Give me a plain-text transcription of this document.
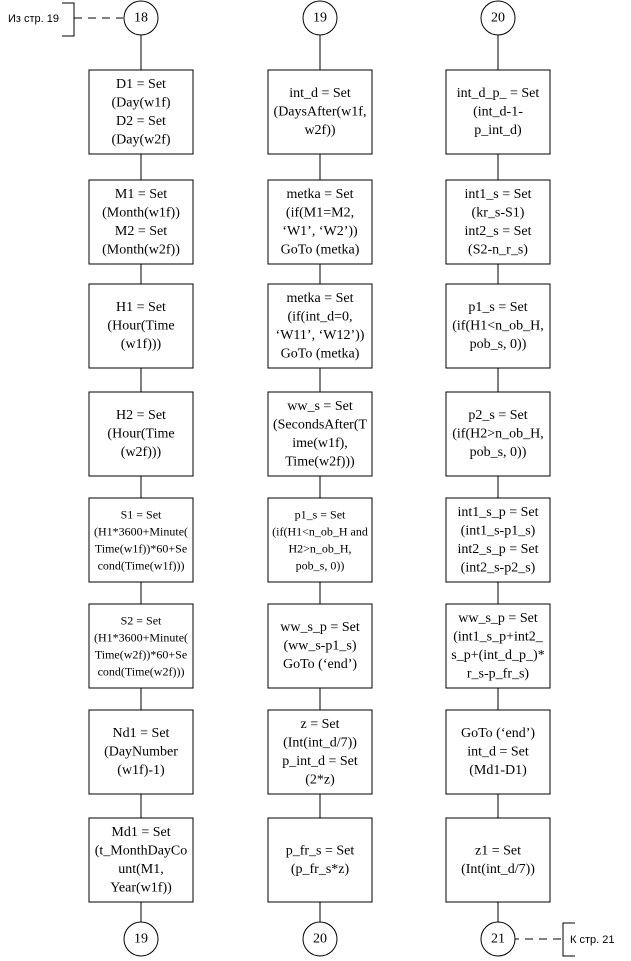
Из стр. 19
К стр. 21
D1 = Set
(Day(w1f)
D2 = Set
(Day(w2f)
M1 = Set
(Month(w1f))
M2 = Set
(Month(w2f))
H1 = Set
(Hour(Time
(w1f)))
H2 = Set
(Hour(Time
(w2f)))
S1 = Set
(H1*3600+Minute(
Time(w1f))*60+Se
cond(Time(w1f)))
S2 = Set
(H1*3600+Minute(
Time(w2f))*60+Se
cond(Time(w2f)))
Nd1 = Set
(DayNumber
(w1f)-1)
Md1 = Set
(t_MonthDayCo
unt(M1,
Year(w1f))
int_d = Set
(DaysAfter(w1f,
w2f))
metka = Set
(if(M1=M2,
‘W1’, ‘W2’))
GoTo (metka)
metka = Set
(if(int_d=0,
‘W11’, ‘W12’))
GoTo (metka)
ww_s = Set
(SecondsAfter(T
ime(w1f),
Time(w2f)))
p1_s = Set
(if(H1<n_ob_H and
H2>n_ob_H,
pob_s, 0))
ww_s_p = Set
(ww_s-p1_s)
GoTo (‘end’)
z = Set
(Int(int_d/7))
p_int_d = Set
(2*z)
p_fr_s = Set
(p_fr_s*z)
int_d_p_ = Set
(int_d-1-
p_int_d)
int1_s = Set
(kr_s-S1)
int2_s = Set
(S2-n_r_s)
p1_s = Set
(if(H1<n_ob_H,
pob_s, 0))
p2_s = Set
(if(H2>n_ob_H,
pob_s, 0))
int1_s_p = Set
(int1_s-p1_s)
int2_s_p = Set
(int2_s-p2_s)
ww_s_p = Set
(int1_s_p+int2_
s_p+(int_d_p_)*
r_s-p_fr_s)
GoTo (‘end’)
int_d = Set
(Md1-D1)
z1 = Set
(Int(int_d/7))
18	19	20
19	20	21
